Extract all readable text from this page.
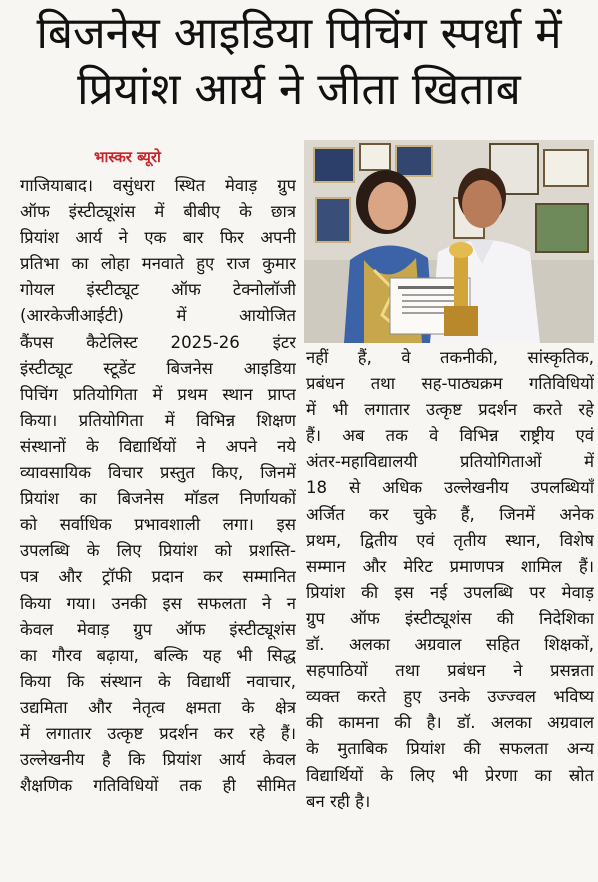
बिजनेस आइडिया पिचिंग स्पर्धा में
प्रियांश आर्य ने जीता खिताब
भास्कर ब्यूरो
गाजियाबाद। वसुंधरा स्थित मेवाड़ ग्रुप
ऑफ इंस्टीट्यूशंस में बीबीए के छात्र
प्रियांश आर्य ने एक बार फिर अपनी
प्रतिभा का लोहा मनवाते हुए राज कुमार
गोयल इंस्टीट्यूट ऑफ टेक्नोलॉजी
(आरकेजीआईटी) में आयोजित
कैंपस कैटेलिस्ट 2025-26 इंटर
इंस्टीट्यूट स्टूडेंट बिजनेस आइडिया
पिचिंग प्रतियोगिता में प्रथम स्थान प्राप्त
किया। प्रतियोगिता में विभिन्न शिक्षण
संस्थानों के विद्यार्थियों ने अपने नये
व्यावसायिक विचार प्रस्तुत किए, जिनमें
प्रियांश का बिजनेस मॉडल निर्णायकों
को सर्वाधिक प्रभावशाली लगा। इस
उपलब्धि के लिए प्रियांश को प्रशस्ति-
पत्र और ट्रॉफी प्रदान कर सम्मानित
किया गया। उनकी इस सफलता ने न
केवल मेवाड़ ग्रुप ऑफ इंस्टीट्यूशंस
का गौरव बढ़ाया, बल्कि यह भी सिद्ध
किया कि संस्थान के विद्यार्थी नवाचार,
उद्यमिता और नेतृत्व क्षमता के क्षेत्र
में लगातार उत्कृष्ट प्रदर्शन कर रहे हैं।
उल्लेखनीय है कि प्रियांश आर्य केवल
शैक्षणिक गतिविधियों तक ही सीमित
नहीं हैं, वे तकनीकी, सांस्कृतिक,
प्रबंधन तथा सह-पाठ्यक्रम गतिविधियों
में भी लगातार उत्कृष्ट प्रदर्शन करते रहे
हैं। अब तक वे विभिन्न राष्ट्रीय एवं
अंतर-महाविद्यालयी प्रतियोगिताओं में
18 से अधिक उल्लेखनीय उपलब्धियाँ
अर्जित कर चुके हैं, जिनमें अनेक
प्रथम, द्वितीय एवं तृतीय स्थान, विशेष
सम्मान और मेरिट प्रमाणपत्र शामिल हैं।
प्रियांश की इस नई उपलब्धि पर मेवाड़
ग्रुप ऑफ इंस्टीट्यूशंस की निदेशिका
डॉ. अलका अग्रवाल सहित शिक्षकों,
सहपाठियों तथा प्रबंधन ने प्रसन्नता
व्यक्त करते हुए उनके उज्ज्वल भविष्य
की कामना की है। डॉ. अलका अग्रवाल
के मुताबिक प्रियांश की सफलता अन्य
विद्यार्थियों के लिए भी प्रेरणा का स्रोत
बन रही है।
